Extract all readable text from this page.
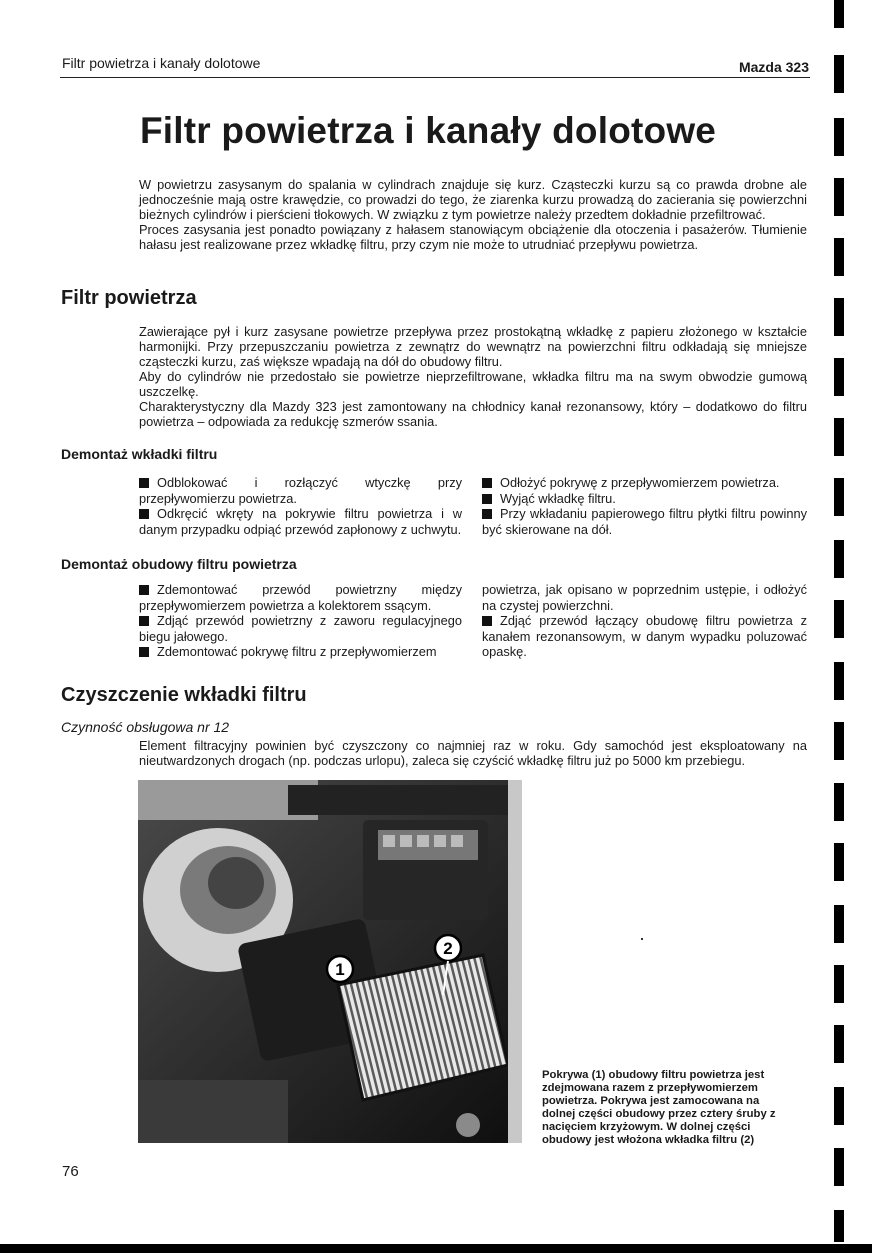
Filtr powietrza i kanały dolotowe	Mazda 323
Filtr powietrza i kanały dolotowe

W powietrzu zasysanym do spalania w cylindrach znajduje się kurz. Cząsteczki kurzu są co prawda drobne ale jednocześnie mają ostre krawędzie, co prowadzi do tego, że ziarenka kurzu prowadzą do zacierania się powierzchni bieżnych cylindrów i pierścieni tłokowych. W związku z tym powietrze należy przedtem dokładnie przefiltrować.

Proces zasysania jest ponadto powiązany z hałasem stanowiącym obciążenie dla otoczenia i pasażerów. Tłumienie hałasu jest realizowane przez wkładkę filtru, przy czym nie może to utrudniać przepływu powietrza.

Filtr powietrza

Zawierające pył i kurz zasysane powietrze przepływa przez prostokątną wkładkę z papieru złożonego w kształcie harmonijki. Przy przepuszczaniu powietrza z zewnątrz do wewnątrz na powierzchni filtru odkładają się mniejsze cząsteczki kurzu, zaś większe wpadają na dół do obudowy filtru.

Aby do cylindrów nie przedostało sie powietrze nieprzefiltrowane, wkładka filtru ma na swym obwodzie gumową uszczelkę.

Charakterystyczny dla Mazdy 323 jest zamontowany na chłodnicy kanał rezonansowy, który – dodatkowo do filtru powietrza – odpowiada za redukcję szmerów ssania.

Demontaż wkładki filtru

Odblokować i rozłączyć wtyczkę przy przepływomierzu powietrza.

Odkręcić wkręty na pokrywie filtru powietrza i w danym przypadku odpiąć przewód zapłonowy z uchwytu.

Odłożyć pokrywę z przepływomierzem powietrza.

Wyjąć wkładkę filtru.

Przy wkładaniu papierowego filtru płytki filtru powinny być skierowane na dół.

Demontaż obudowy filtru powietrza

Zdemontować przewód powietrzny między przepływomierzem powietrza a kolektorem ssącym.

Zdjąć przewód powietrzny z zaworu regulacyjnego biegu jałowego.

Zdemontować pokrywę filtru z przepływomierzem

powietrza, jak opisano w poprzednim ustępie, i odłożyć na czystej powierzchni.

Zdjąć przewód łączący obudowę filtru powietrza z kanałem rezonansowym, w danym wypadku poluzować opaskę.

Czyszczenie wkładki filtru
Czynność obsługowa nr 12

Element filtracyjny powinien być czyszczony co najmniej raz w roku. Gdy samochód jest eksploatowany na nieutwardzonych drogach (np. podczas urlopu), zaleca się czyścić wkładkę filtru już po 5000 km przebiegu.

1
2

Pokrywa (1) obudowy filtru powietrza jest zdejmowana razem z przepływomierzem powietrza. Pokrywa jest zamocowana na dolnej części obudowy przez cztery śruby z nacięciem krzyżowym. W dolnej części obudowy jest włożona wkładka filtru (2)

76
